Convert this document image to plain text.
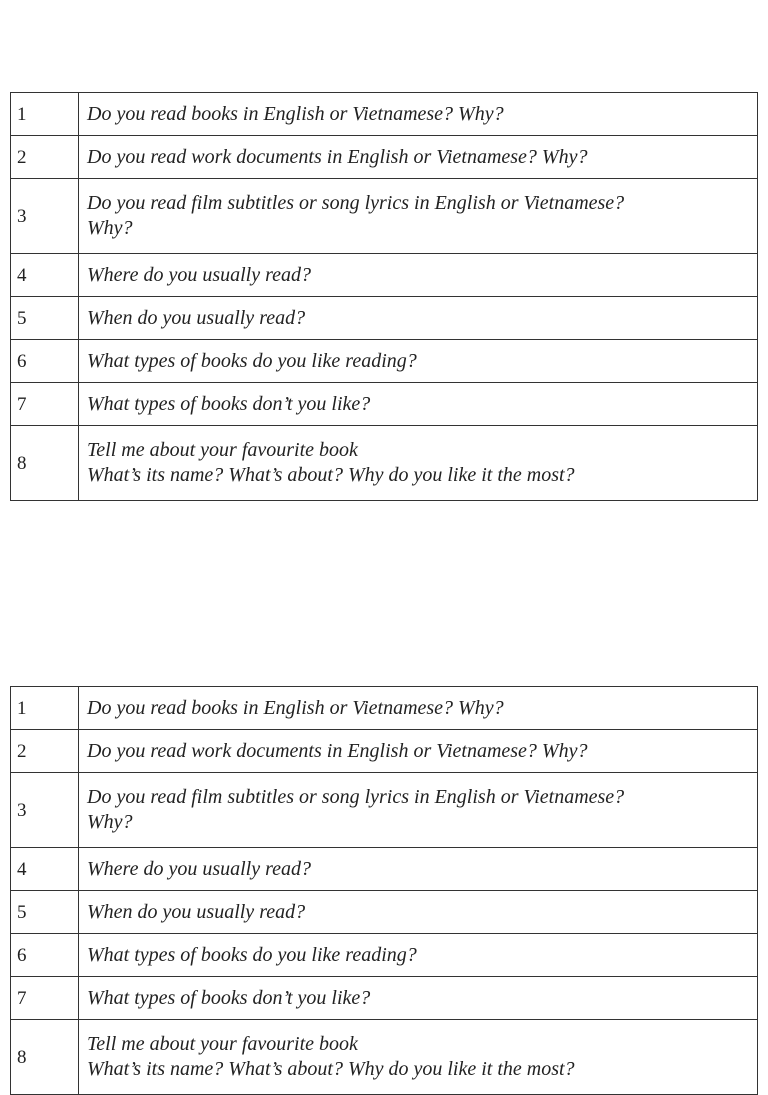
1	Do you read books in English or Vietnamese? Why?

2	Do you read work documents in English or Vietnamese? Why?

3	Do you read film subtitles or song lyrics in English or Vietnamese?
Why?

4	Where do you usually read?

5	When do you usually read?

6	What types of books do you like reading?

7	What types of books don’t you like?

8	Tell me about your favourite book
What’s its name? What’s about? Why do you like it the most?
1	Do you read books in English or Vietnamese? Why?

2	Do you read work documents in English or Vietnamese? Why?

3	Do you read film subtitles or song lyrics in English or Vietnamese?
Why?

4	Where do you usually read?

5	When do you usually read?

6	What types of books do you like reading?

7	What types of books don’t you like?

8	Tell me about your favourite book
What’s its name? What’s about? Why do you like it the most?
